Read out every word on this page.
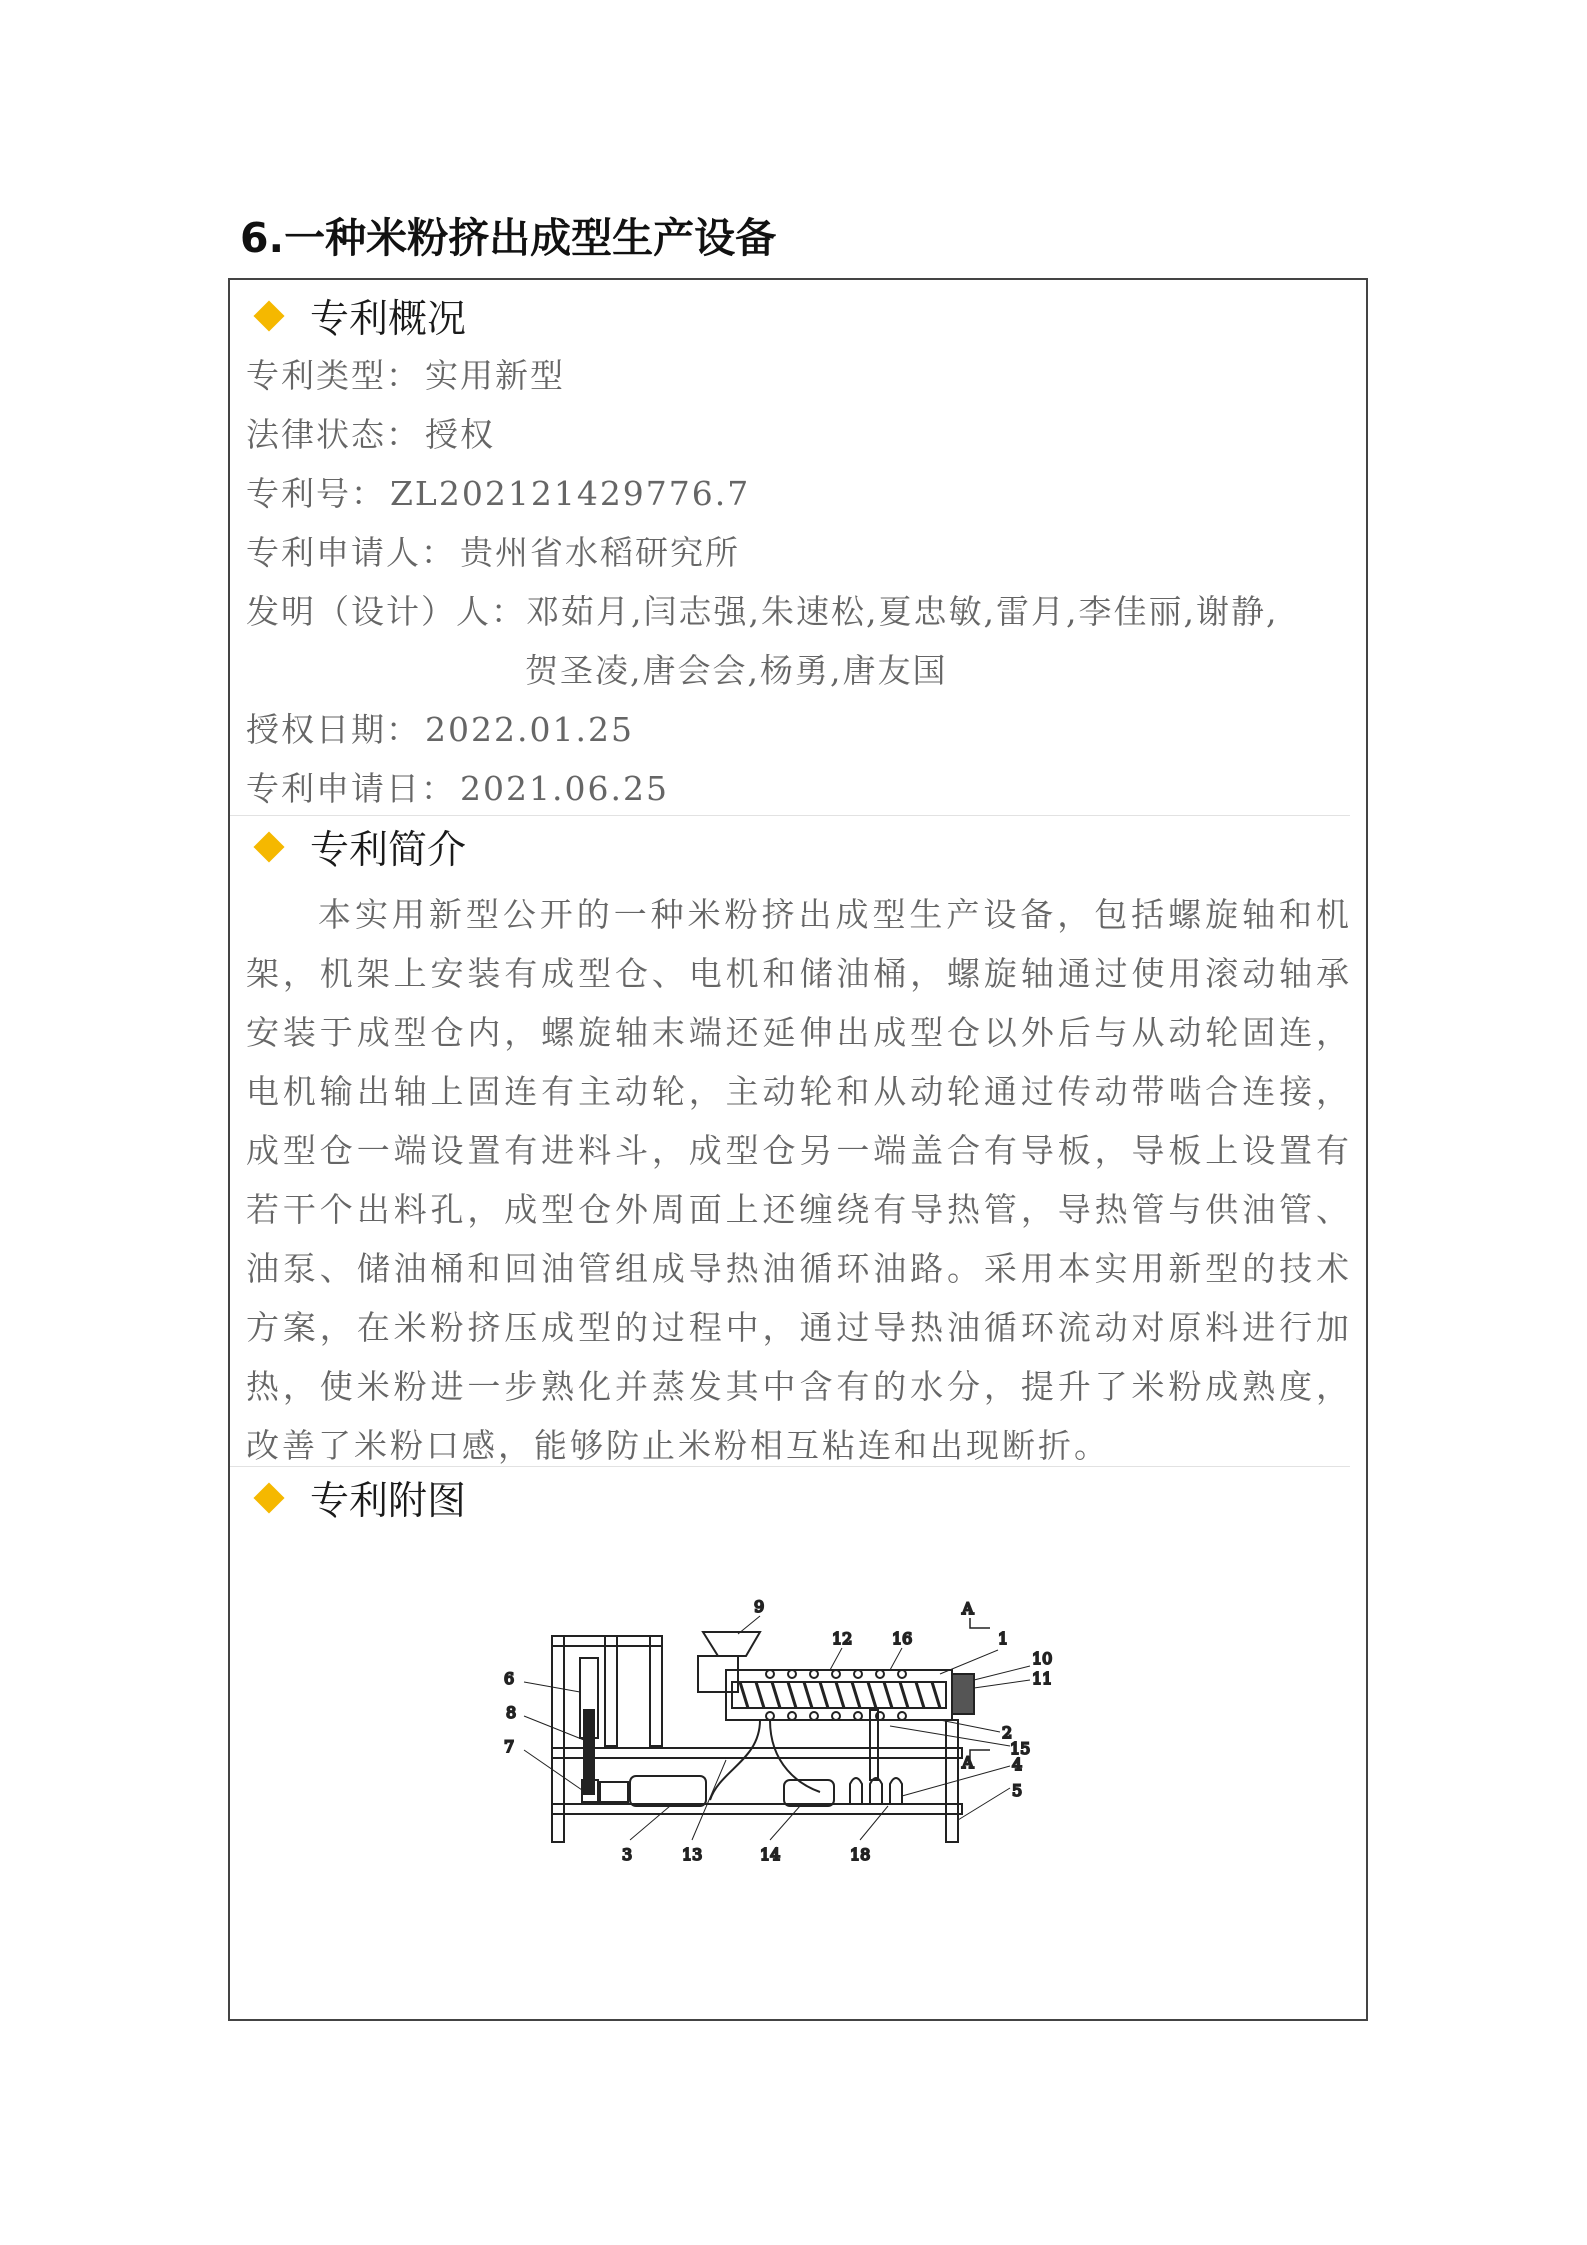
6.一种米粉挤出成型生产设备
专利概况
专利类型： 实用新型
法律状态： 授权
专利号： ZL202121429776.7
专利申请人： 贵州省水稻研究所
发明（设计）人：邓茹月,闫志强,朱速松,夏忠敏,雷月,李佳丽,谢静,
贺圣凌,唐会会,杨勇,唐友国
授权日期： 2022.01.25
专利申请日： 2021.06.25
专利简介

本实用新型公开的一种米粉挤出成型生产设备，包括螺旋轴和机架，机架上安装有成型仓、电机和储油桶，螺旋轴通过使用滚动轴承安装于成型仓内，螺旋轴末端还延伸出成型仓以外后与从动轮固连，电机输出轴上固连有主动轮，主动轮和从动轮通过传动带啮合连接，成型仓一端设置有进料斗，成型仓另一端盖合有导板，导板上设置有若干个出料孔，成型仓外周面上还缠绕有导热管，导热管与供油管、油泵、储油桶和回油管组成导热油循环油路。采用本实用新型的技术方案，在米粉挤压成型的过程中，通过导热油循环流动对原料进行加热，使米粉进一步熟化并蒸发其中含有的水分，提升了米粉成熟度，改善了米粉口感，能够防止米粉相互粘连和出现断折。

专利附图
9
12 16
A
1
10
11
6
8
7
2
15
A 4
5
3	13	14	18
